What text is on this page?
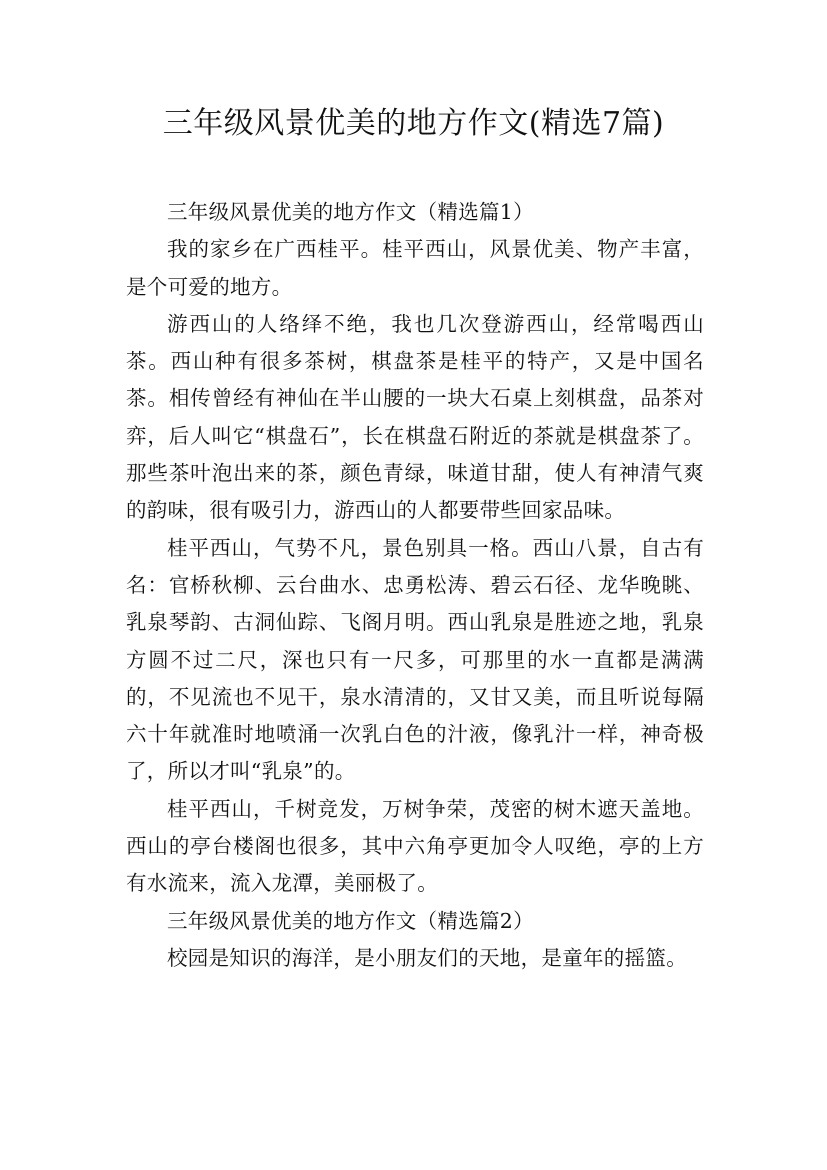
三年级风景优美的地方作文(精选7篇)

三年级风景优美的地方作文（精选篇1）

我的家乡在广西桂平。桂平西山，风景优美、物产丰富，是个可爱的地方。

游西山的人络绎不绝，我也几次登游西山，经常喝西山茶。西山种有很多茶树，棋盘茶是桂平的特产，又是中国名茶。相传曾经有神仙在半山腰的一块大石桌上刻棋盘，品茶对弈，后人叫它“棋盘石”，长在棋盘石附近的茶就是棋盘茶了。那些茶叶泡出来的茶，颜色青绿，味道甘甜，使人有神清气爽的韵味，很有吸引力，游西山的人都要带些回家品味。

桂平西山，气势不凡，景色别具一格。西山八景，自古有名：官桥秋柳、云台曲水、忠勇松涛、碧云石径、龙华晚眺、乳泉琴韵、古洞仙踪、飞阁月明。西山乳泉是胜迹之地，乳泉方圆不过二尺，深也只有一尺多，可那里的水一直都是满满的，不见流也不见干，泉水清清的，又甘又美，而且听说每隔六十年就准时地喷涌一次乳白色的汁液，像乳汁一样，神奇极了，所以才叫“乳泉”的。

桂平西山，千树竞发，万树争荣，茂密的树木遮天盖地。西山的亭台楼阁也很多，其中六角亭更加令人叹绝，亭的上方有水流来，流入龙潭，美丽极了。

三年级风景优美的地方作文（精选篇2）

校园是知识的海洋，是小朋友们的天地，是童年的摇篮。
